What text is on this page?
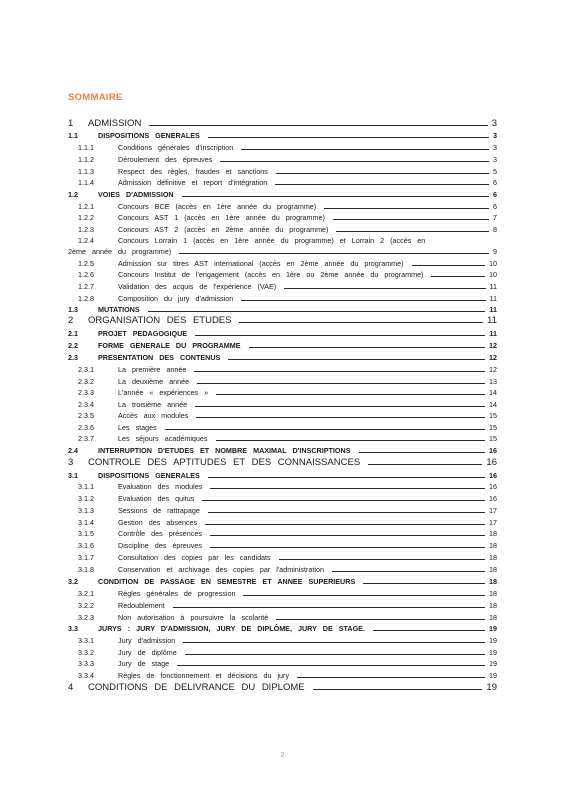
SOMMAIRE
1 ADMISSION	3
1.1	DISPOSITIONS GENERALES	3
1.1.1	Conditions générales d'inscription	3
1.1.2	Déroulement des épreuves	3
1.1.3	Respect des règles, fraudes et sanctions	5
1.1.4	Admission définitive et report d'intégration	6
1.2	VOIES D'ADMISSION	6
1.2.1	Concours BCE (accès en 1ère année du programme)	6
1.2.2	Concours AST 1 (accès en 1ère année du programme)	7
1.2.3	Concours AST 2 (accès en 2ème année du programme)	8
1.2.4	Concours Lorrain 1 (accès en 1ère année du programme) et Lorrain 2 (accès en
2ème année du programme)	9
1.2.5	Admission sur titres AST international (accès en 2ème année du programme)	10
1.2.6	Concours Institut de l'engagement (accès en 1ère ou 2ème année du programme)	10
1.2.7	Validation des acquis de l'expérience (VAE)	11
1.2.8	Composition du jury d'admission	11
1.3	MUTATIONS	11
2 ORGANISATION DES ETUDES	11
2.1	PROJET PEDAGOGIQUE	11
2.2	FORME GENERALE DU PROGRAMME	12
2.3	PRESENTATION DES CONTENUS	12
2.3.1	La première année	12
2.3.2	La deuxième année	13
2.3.3	L'année « expériences »	14
2.3.4	La troisième année	14
2.3.5	Accès aux modules	15
2.3.6	Les stages	15
2.3.7	Les séjours académiques	15
2.4	INTERRUPTION D'ETUDES ET NOMBRE MAXIMAL D'INSCRIPTIONS	16
3 CONTROLE DES APTITUDES ET DES CONNAISSANCES	16
3.1	DISPOSITIONS GENERALES	16
3.1.1	Evaluation des modules	16
3.1.2	Evaluation des quitus	16
3.1.3	Sessions de rattrapage	17
3.1.4	Gestion des absences	17
3.1.5	Contrôle des présences	18
3.1.6	Discipline des épreuves	18
3.1.7	Consultation des copies par les candidats	18
3.1.8	Conservation et archivage des copies par l'administration	18
3.2	CONDITION DE PASSAGE EN SEMESTRE ET ANNEE SUPERIEURS	18
3.2.1	Règles générales de progression	18
3.2.2	Redoublement	18
3.2.3	Non autorisation à poursuivre la scolarité	18
3.3	JURYS : JURY D'ADMISSION, JURY DE DIPLÔME, JURY DE STAGE.	19
3.3.1	Jury d'admission	19
3.3.2	Jury de diplôme	19
3.3.3	Jury de stage	19
3.3.4	Règles de fonctionnement et décisions du jury	19
4 CONDITIONS DE DELIVRANCE DU DIPLOME	19
2
